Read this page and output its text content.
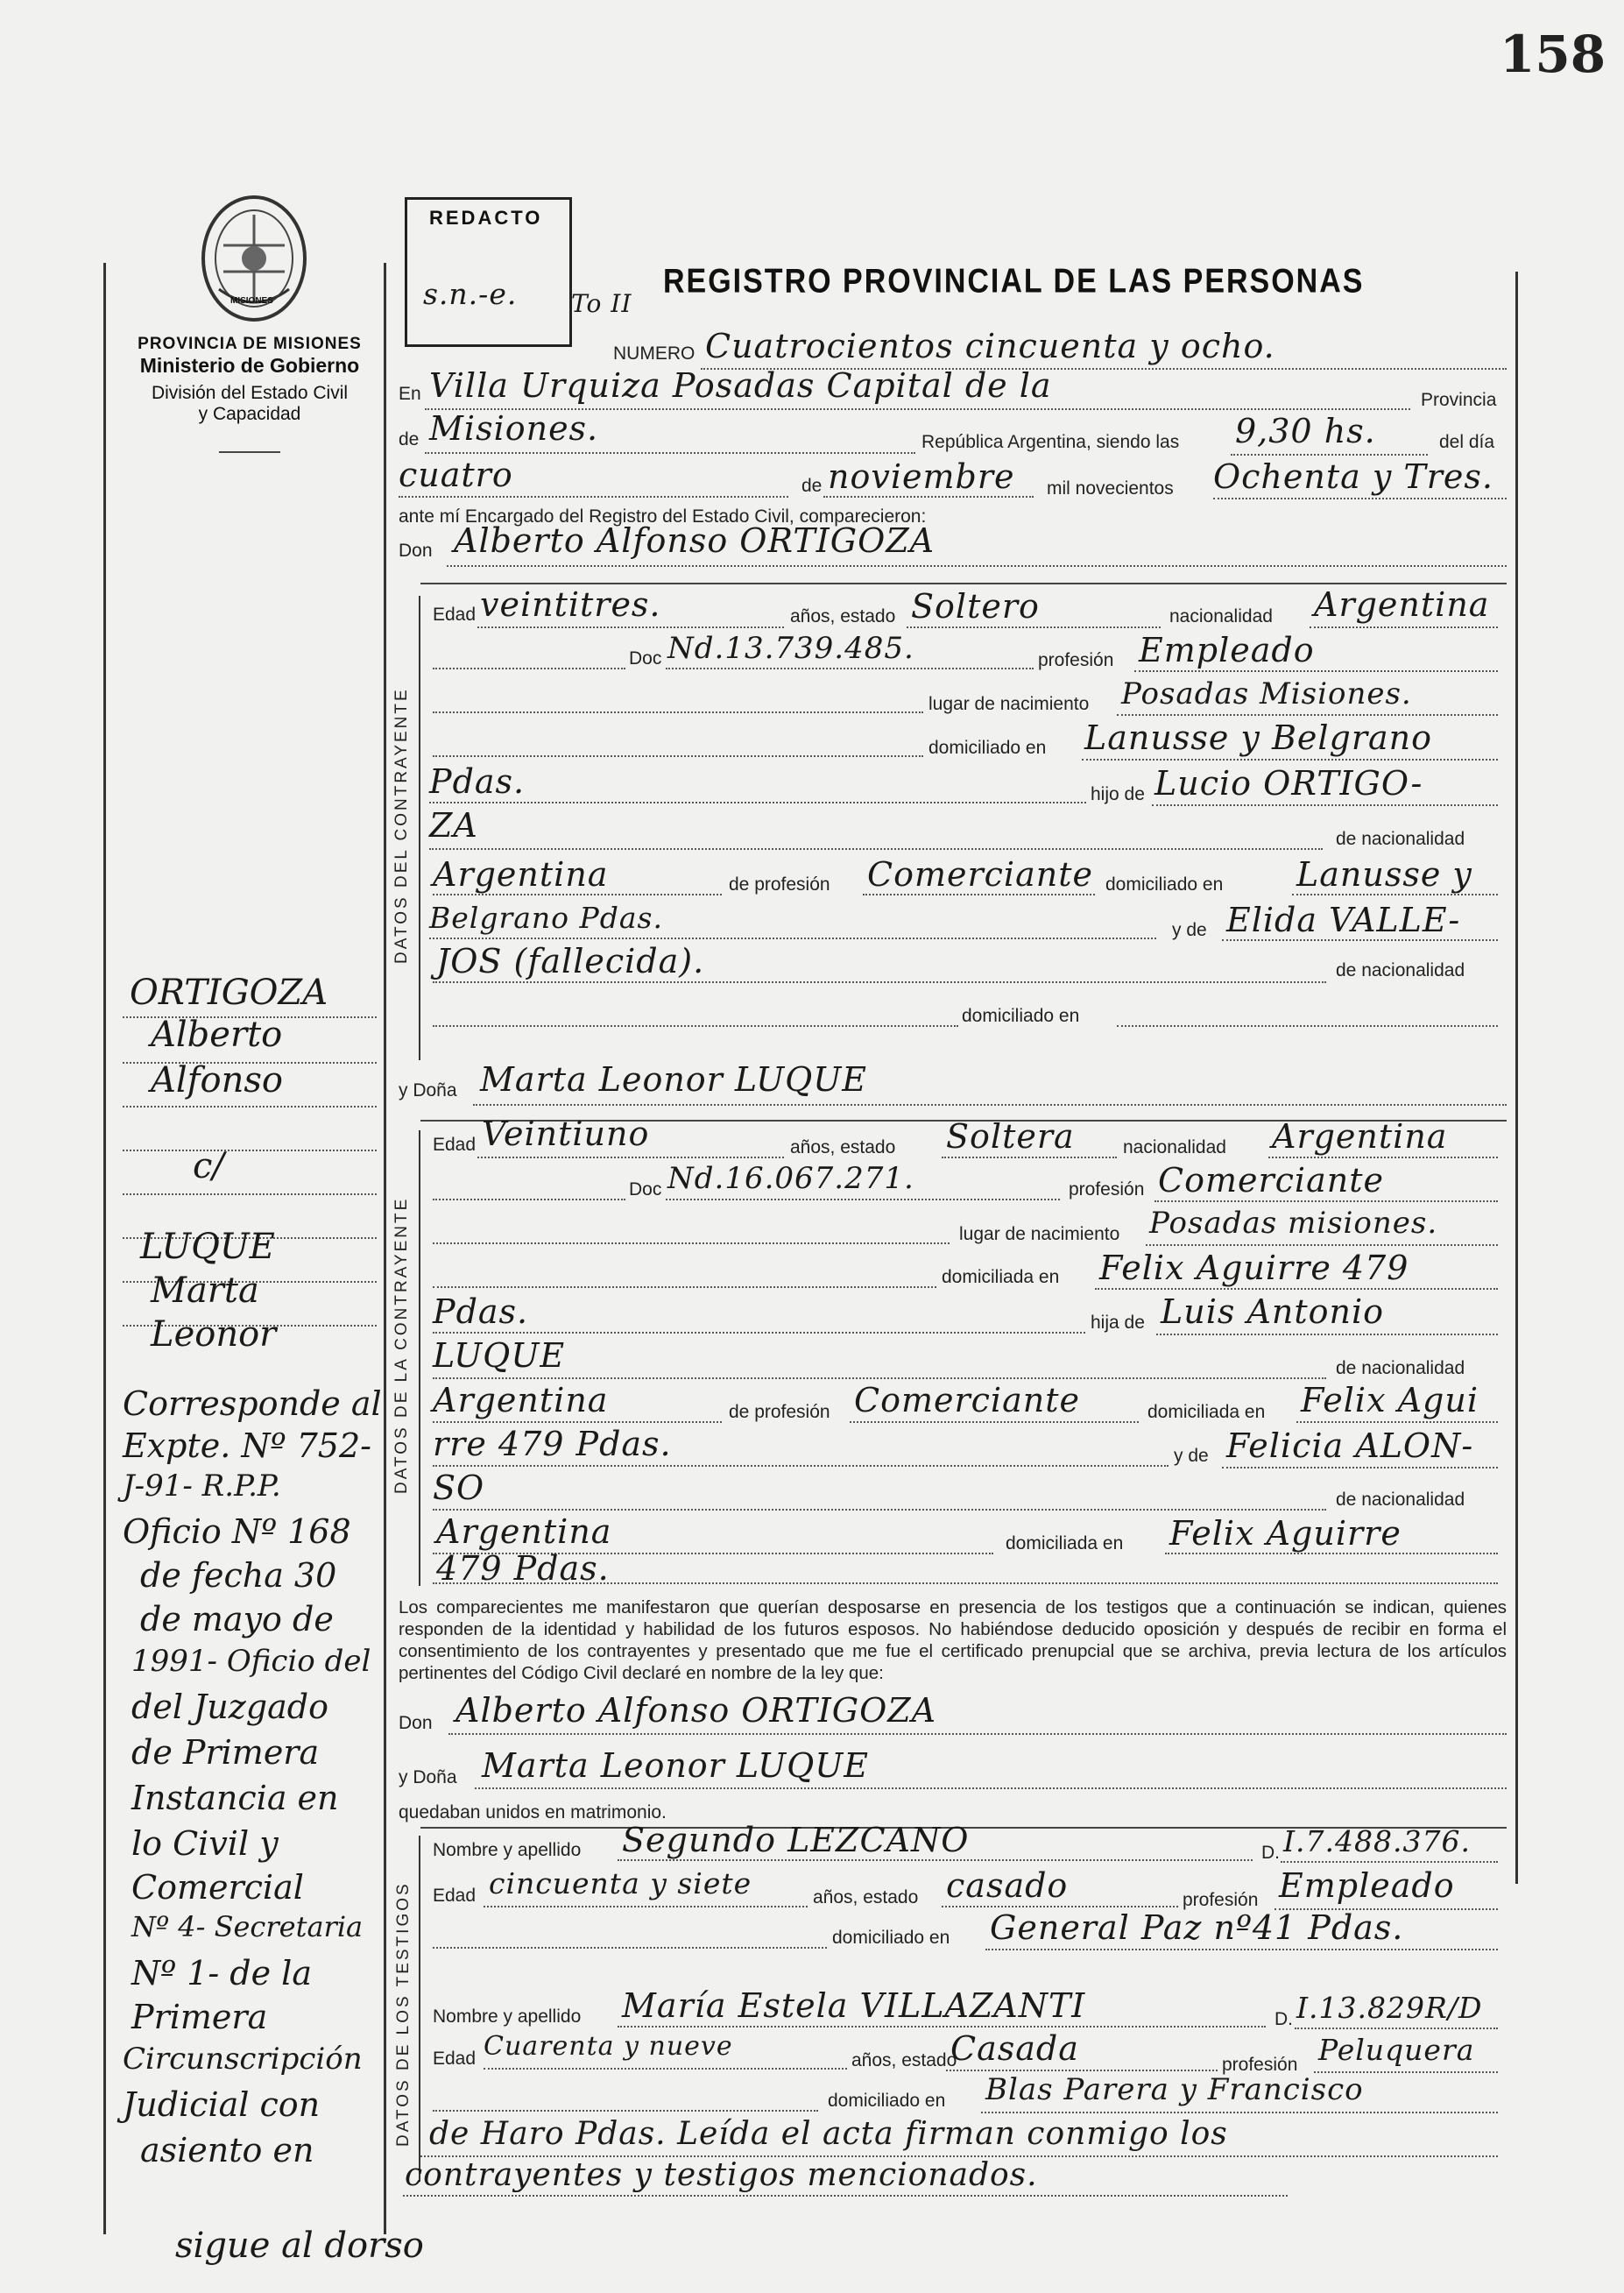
158
MISIONES
PROVINCIA DE MISIONES
Ministerio de Gobierno
División del Estado Civil
y Capacidad
REDACTO
s.n.-e. To II
REGISTRO PROVINCIAL DE LAS PERSONAS
NUMERO Cuatrocientos cincuenta y ocho.
En Villa Urquiza Posadas Capital de la	Provincia
de Misiones.	República Argentina, siendo las 9,30 hs.	del día
cuatro	de noviembre mil novecientos Ochenta y Tres.
ante mí Encargado del Registro del Estado Civil, comparecieron:
Don Alberto Alfonso ORTIGOZA
DATOS DEL CONTRAYENTE
Edad veintitres.	años, estado Soltero	nacionalidad Argentina
Doc Nd.13.739.485.	profesión Empleado
lugar de nacimiento Posadas Misiones.
domiciliado en Lanusse y Belgrano
Pdas.	hijo de Lucio ORTIGO-
ZA	de nacionalidad
Argentina	de profesión Comerciante domiciliado en Lanusse y
Belgrano Pdas.	y de Elida VALLE-
JOS (fallecida).	de nacionalidad
domiciliado en
y Doña Marta Leonor LUQUE
DATOS DE LA CONTRAYENTE
Edad Veintiuno	años, estado Soltera	nacionalidad Argentina
Doc Nd.16.067.271.	profesión Comerciante
lugar de nacimiento Posadas misiones.
domiciliada en Felix Aguirre 479
Pdas.	hija de Luis Antonio
LUQUE	de nacionalidad
Argentina	de profesión Comerciante	domiciliada en Felix Agui
rre 479 Pdas.	y de Felicia ALON-
SO	de nacionalidad
Argentina	domiciliada en Felix Aguirre
479 Pdas.
Los comparecientes me manifestaron que querían desposarse en presencia de los testigos que a continuación se indican, quienes responden de la identidad y habilidad de los futuros esposos. No habiéndose deducido oposición y después de recibir en forma el consentimiento de los contrayentes y presentado que me fue el certificado prenupcial que se archiva, previa lectura de los artículos pertinentes del Código Civil declaré en nombre de la ley que:
Don Alberto Alfonso ORTIGOZA
y Doña Marta Leonor LUQUE
quedaban unidos en matrimonio.
DATOS DE LOS TESTIGOS
Nombre y apellido Segundo LEZCANO	D. I.7.488.376.
Edad cincuenta y siete	años, estado casado	profesión Empleado
domiciliado en General Paz nº41 Pdas.
Nombre y apellido María Estela VILLAZANTI	D. I.13.829R/D
Edad Cuarenta y nueve	años, estado
Casada	profesión Peluquera
domiciliado en Blas Parera y Francisco
de Haro Pdas. Leída el acta firman conmigo los
contrayentes y testigos mencionados.
ORTIGOZA
Alberto
Alfonso
c/
LUQUE
Marta
Leonor
Corresponde al
Expte. Nº 752-
J-91- R.P.P.
Oficio Nº 168
de fecha 30
de mayo de
1991- Oficio del
del Juzgado
de Primera
Instancia en
lo Civil y
Comercial
Nº 4- Secretaria
Nº 1- de la
Primera
Circunscripción
Judicial con
asiento en
sigue al dorso
